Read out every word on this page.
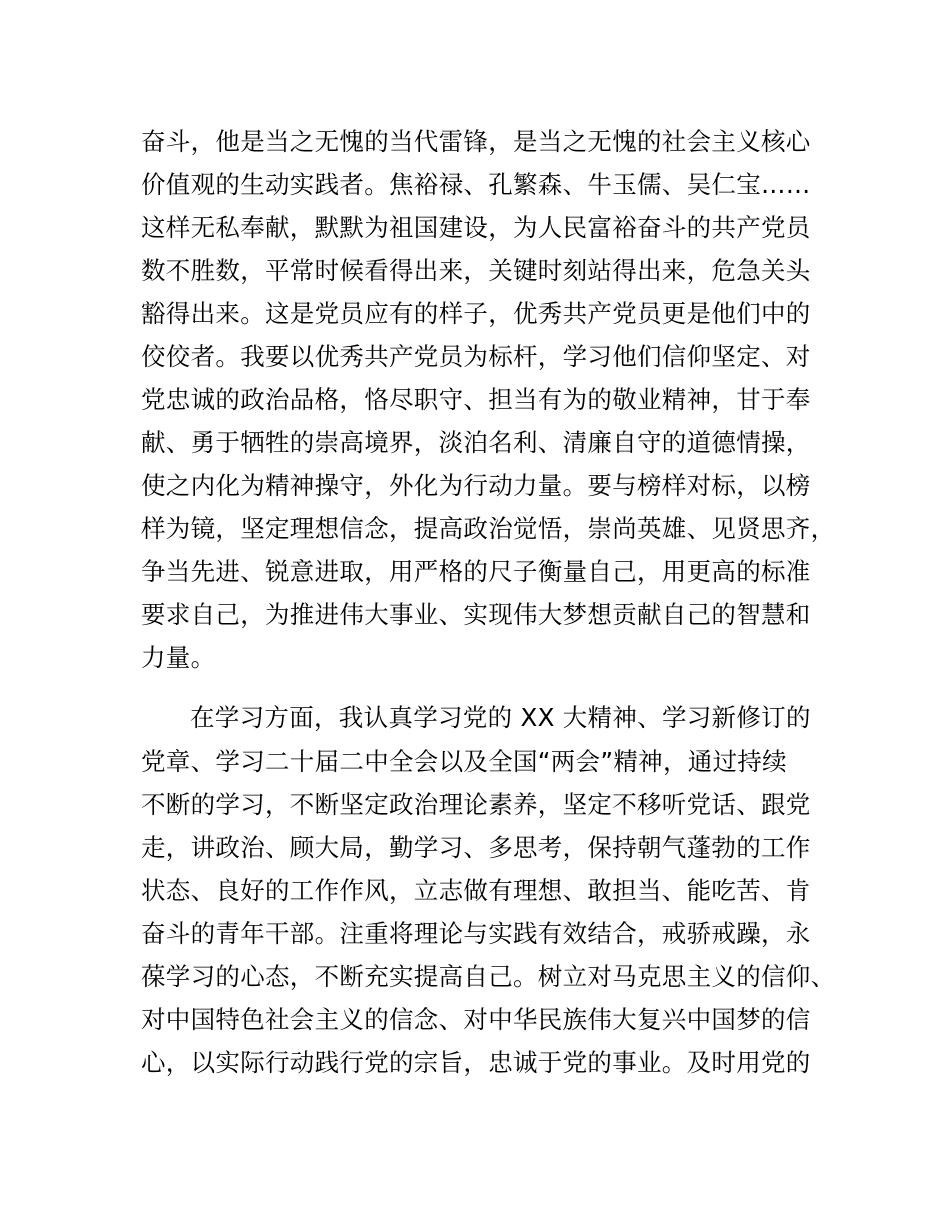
奋斗，他是当之无愧的当代雷锋，是当之无愧的社会主义核心

价值观的生动实践者。焦裕禄、孔繁森、牛玉儒、吴仁宝……

这样无私奉献，默默为祖国建设，为人民富裕奋斗的共产党员

数不胜数，平常时候看得出来，关键时刻站得出来，危急关头

豁得出来。这是党员应有的样子，优秀共产党员更是他们中的

佼佼者。我要以优秀共产党员为标杆，学习他们信仰坚定、对

党忠诚的政治品格，恪尽职守、担当有为的敬业精神，甘于奉

献、勇于牺牲的崇高境界，淡泊名利、清廉自守的道德情操，

使之内化为精神操守，外化为行动力量。要与榜样对标，以榜

样为镜，坚定理想信念，提高政治觉悟，崇尚英雄、见贤思齐，

争当先进、锐意进取，用严格的尺子衡量自己，用更高的标准

要求自己，为推进伟大事业、实现伟大梦想贡献自己的智慧和

力量。

在学习方面，我认真学习党的 XX 大精神、学习新修订的

党章、学习二十届二中全会以及全国“两会”精神，通过持续

不断的学习，不断坚定政治理论素养，坚定不移听党话、跟党

走，讲政治、顾大局，勤学习、多思考，保持朝气蓬勃的工作

状态、良好的工作作风，立志做有理想、敢担当、能吃苦、肯

奋斗的青年干部。注重将理论与实践有效结合，戒骄戒躁，永

葆学习的心态，不断充实提高自己。树立对马克思主义的信仰、

对中国特色社会主义的信念、对中华民族伟大复兴中国梦的信

心，以实际行动践行党的宗旨，忠诚于党的事业。及时用党的
